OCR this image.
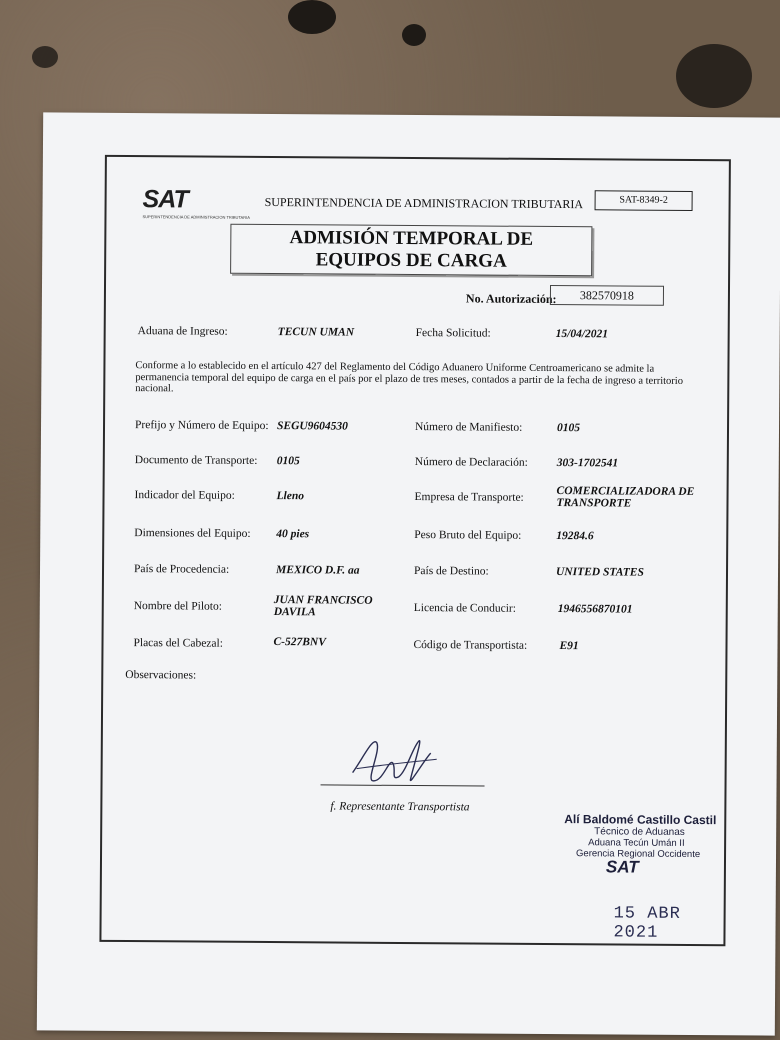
SAT
SUPERINTENDENCIA DE ADMINISTRACION TRIBUTARIA
SUPERINTENDENCIA DE ADMINISTRACION TRIBUTARIA	SAT-8349-2
ADMISIÓN TEMPORAL DE EQUIPOS DE CARGA
No. Autorización:	382570918
Aduana de Ingreso:	TECUN UMAN	Fecha Solicitud:	15/04/2021
Conforme a lo establecido en el artículo 427 del Reglamento del Código Aduanero Uniforme Centroamericano se admite la permanencia temporal del equipo de carga en el país por el plazo de tres meses, contados a partir de la fecha de ingreso a territorio nacional.
Prefijo y Número de Equipo: SEGU9604530	Número de Manifiesto:	0105
Documento de Transporte: 0105	Número de Declaración:	303-1702541
Indicador del Equipo:	Lleno	Empresa de Transporte:	COMERCIALIZADORA DE TRANSPORTE
Dimensiones del Equipo: 40 pies	Peso Bruto del Equipo:	19284.6
País de Procedencia:	MEXICO D.F. aa	País de Destino:	UNITED STATES
Nombre del Piloto:	JUAN FRANCISCO DAVILA	Licencia de Conducir:	1946556870101
Placas del Cabezal:	C-527BNV	Código de Transportista:	E91
Observaciones:
f. Representante Transportista
Alí Baldomé Castillo Castil
Técnico de Aduanas
Aduana Tecún Umán II
Gerencia Regional Occidente
SAT
15 ABR 2021
